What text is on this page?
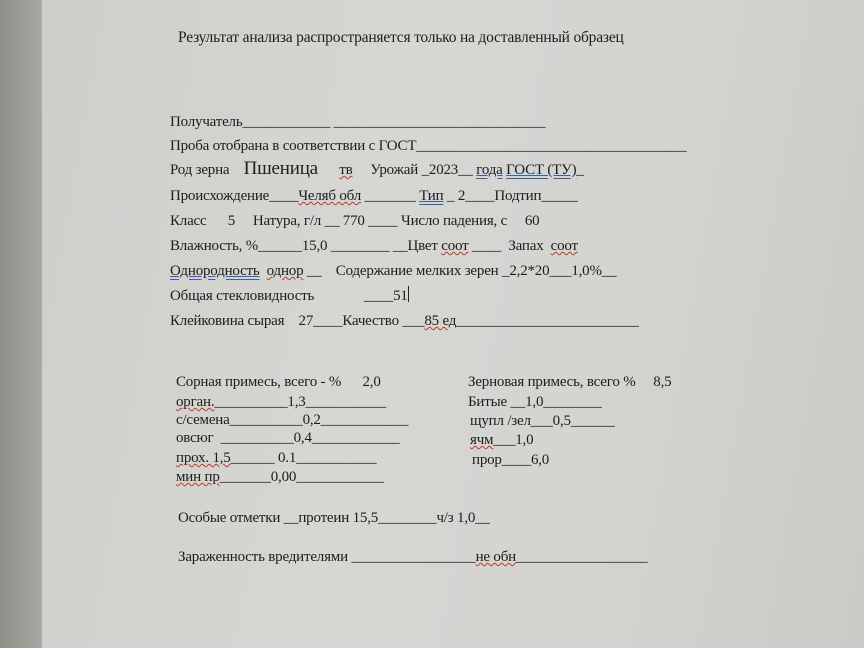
Результат анализа распространяется только на доставленный образец
Получатель____________ _____________________________
Проба отобрана в соответствии с ГОСТ_____________________________________
Род зерна Пшеница тв Урожай _2023__ года ГОСТ (ТУ)_
Происхождение____Челяб обл _______ Тип _ 2____Подтип_____
Класс 5 Натура, г/л __ 770 ____ Число падения, с 60
Влажность, %______15,0 ________ __Цвет соот ____  Запах соот
Однородность однор __    Содержание мелких зерен _2,2*20___1,0%__
Общая стекловидность              ____51
Клейковина сырая 27____Качество ___85 ед_________________________
Сорная примесь, всего - % 2,0
орган.__________1,3___________
с/семена__________0,2____________
овсюг  __________0,4____________
прох. 1,5______ 0.1___________
мин пр_______0,00____________
Зерновая примесь, всего % 8,5
Битые __1,0________
щупл /зел___0,5______
ячм___1,0
прор____6,0
Особые отметки __протеин 15,5________ч/з 1,0__
Зараженность вредителями _________________не обн__________________
